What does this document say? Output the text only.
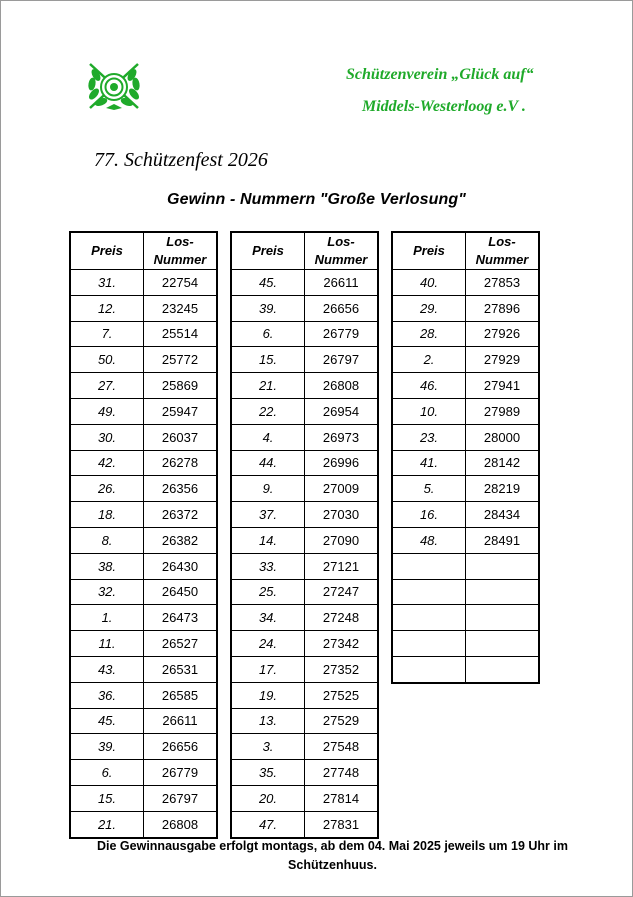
Schützenverein „Glück auf“
Middels-Westerloog e.V .
77. Schützenfest 2026
Gewinn - Nummern "Große Verlosung"
Preis	Los-
Nummer
31.	22754
12.	23245
7.	25514
50.	25772
27.	25869
49.	25947
30.	26037
42.	26278
26.	26356
18.	26372
8.	26382
38.	26430
32.	26450
1.	26473
11.	26527
43.	26531
36.	26585
45.	26611
39.	26656
6.	26779
15.	26797
21.	26808
Preis	Los-
Nummer
45.	26611
39.	26656
6.	26779
15.	26797
21.	26808
22.	26954
4.	26973
44.	26996
9.	27009
37.	27030
14.	27090
33.	27121
25.	27247
34.	27248
24.	27342
17.	27352
19.	27525
13.	27529
3.	27548
35.	27748
20.	27814
47.	27831
Preis	Los-
Nummer
40.	27853
29.	27896
28.	27926
2.	27929
46.	27941
10.	27989
23.	28000
41.	28142
5.	28219
16.	28434
48.	28491

Die Gewinnausgabe erfolgt montags, ab dem 04. Mai 2025 jeweils um 19 Uhr im
Schützenhuus.
